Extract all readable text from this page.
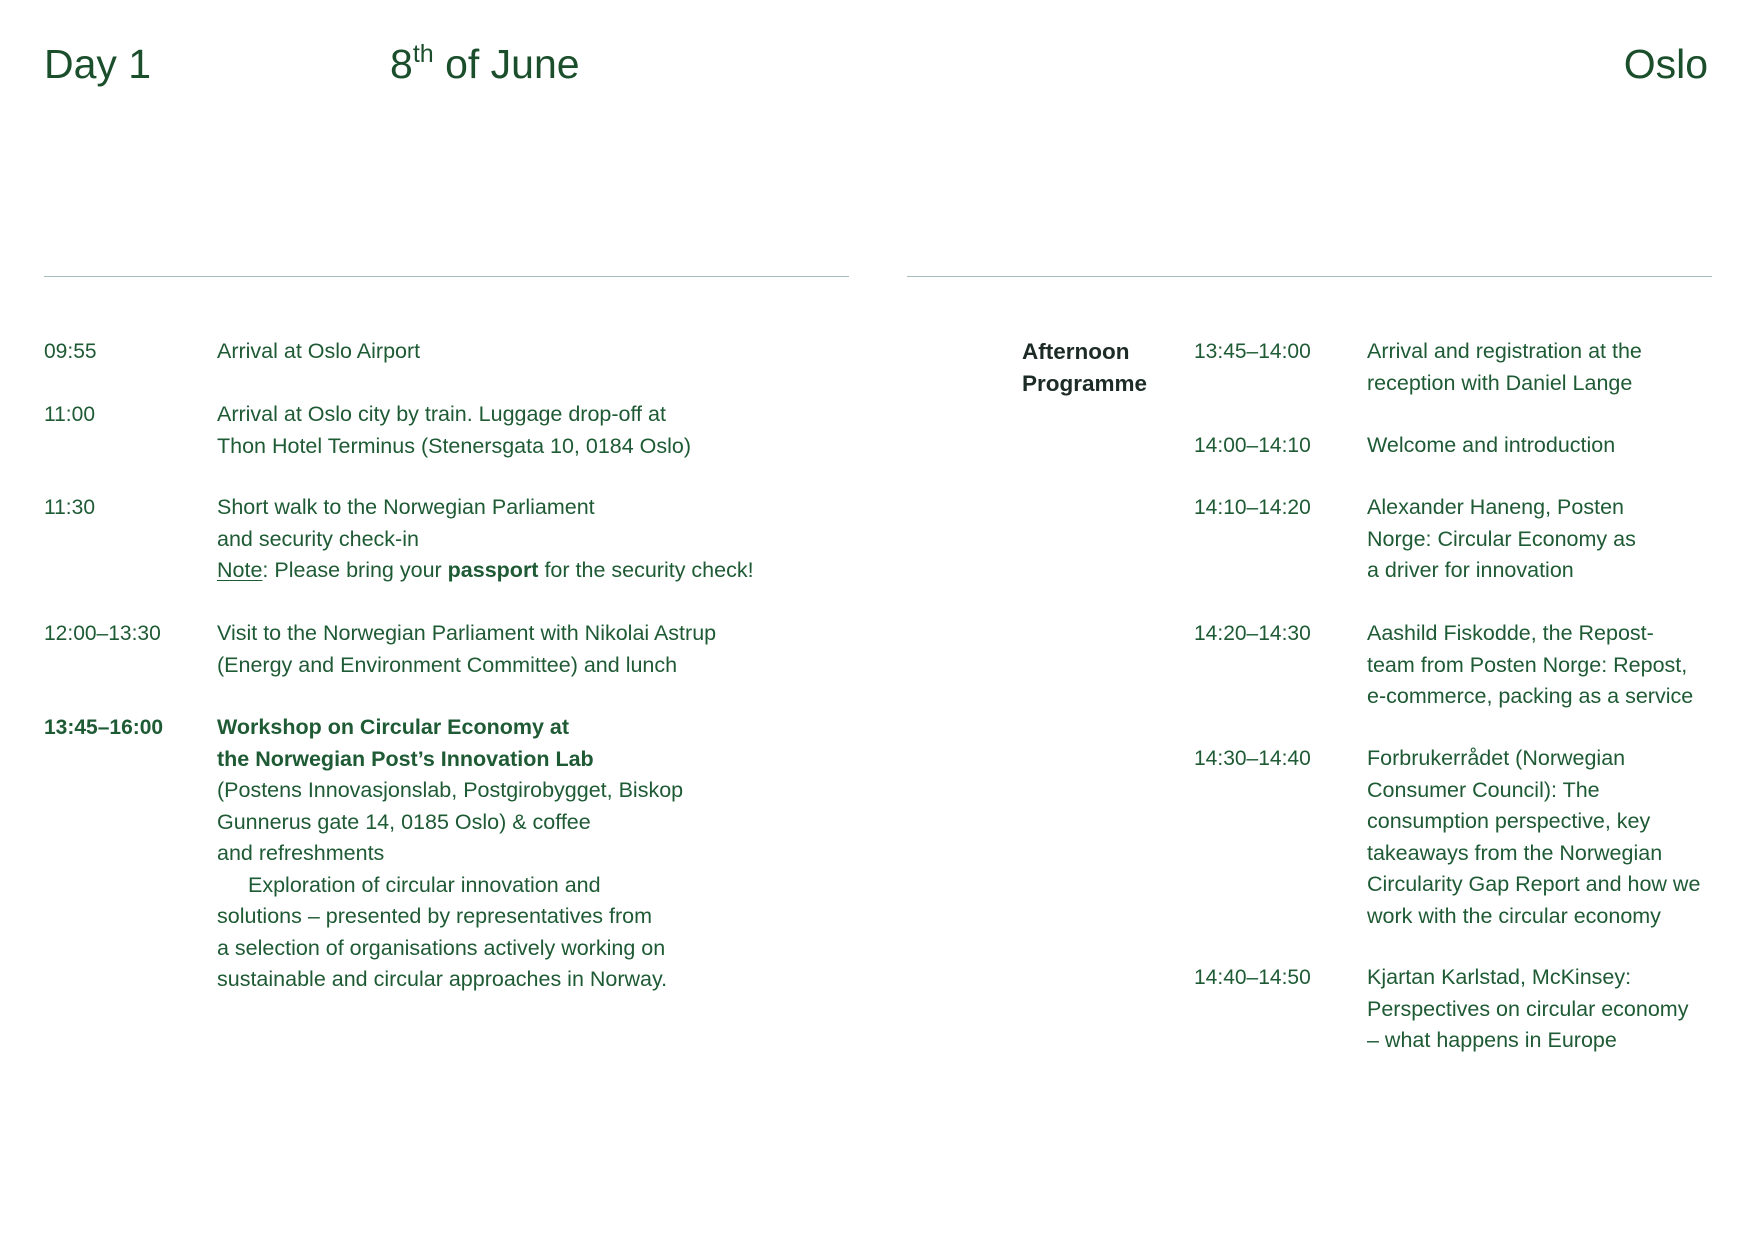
Day 1	8th of June	Oslo
09:55	Arrival at Oslo Airport
11:00	Arrival at Oslo city by train. Luggage drop-off at
Thon Hotel Terminus (Stenersgata 10, 0184 Oslo)
11:30	Short walk to the Norwegian Parliament
and security check-in
Note: Please bring your passport for the security check!
12:00–13:30	Visit to the Norwegian Parliament with Nikolai Astrup
(Energy and Environment Committee) and lunch
13:45–16:00	Workshop on Circular Economy at
the Norwegian Post’s Innovation Lab
(Postens Innovasjonslab, Postgirobygget, Biskop
Gunnerus gate 14, 0185 Oslo) & coffee
and refreshments
Exploration of circular innovation and
solutions – presented by representatives from
a selection of organisations actively working on
sustainable and circular approaches in Norway.
Afternoon
Programme
13:45–14:00	Arrival and registration at the
reception with Daniel Lange
14:00–14:10	Welcome and introduction
14:10–14:20	Alexander Haneng, Posten
Norge: Circular Economy as
a driver for innovation
14:20–14:30	Aashild Fiskodde, the Repost-
team from Posten Norge: Repost,
e-commerce, packing as a service
14:30–14:40	Forbrukerrådet (Norwegian
Consumer Council): The
consumption perspective, key
takeaways from the Norwegian
Circularity Gap Report and how we
work with the circular economy
14:40–14:50	Kjartan Karlstad, McKinsey:
Perspectives on circular economy
– what happens in Europe
